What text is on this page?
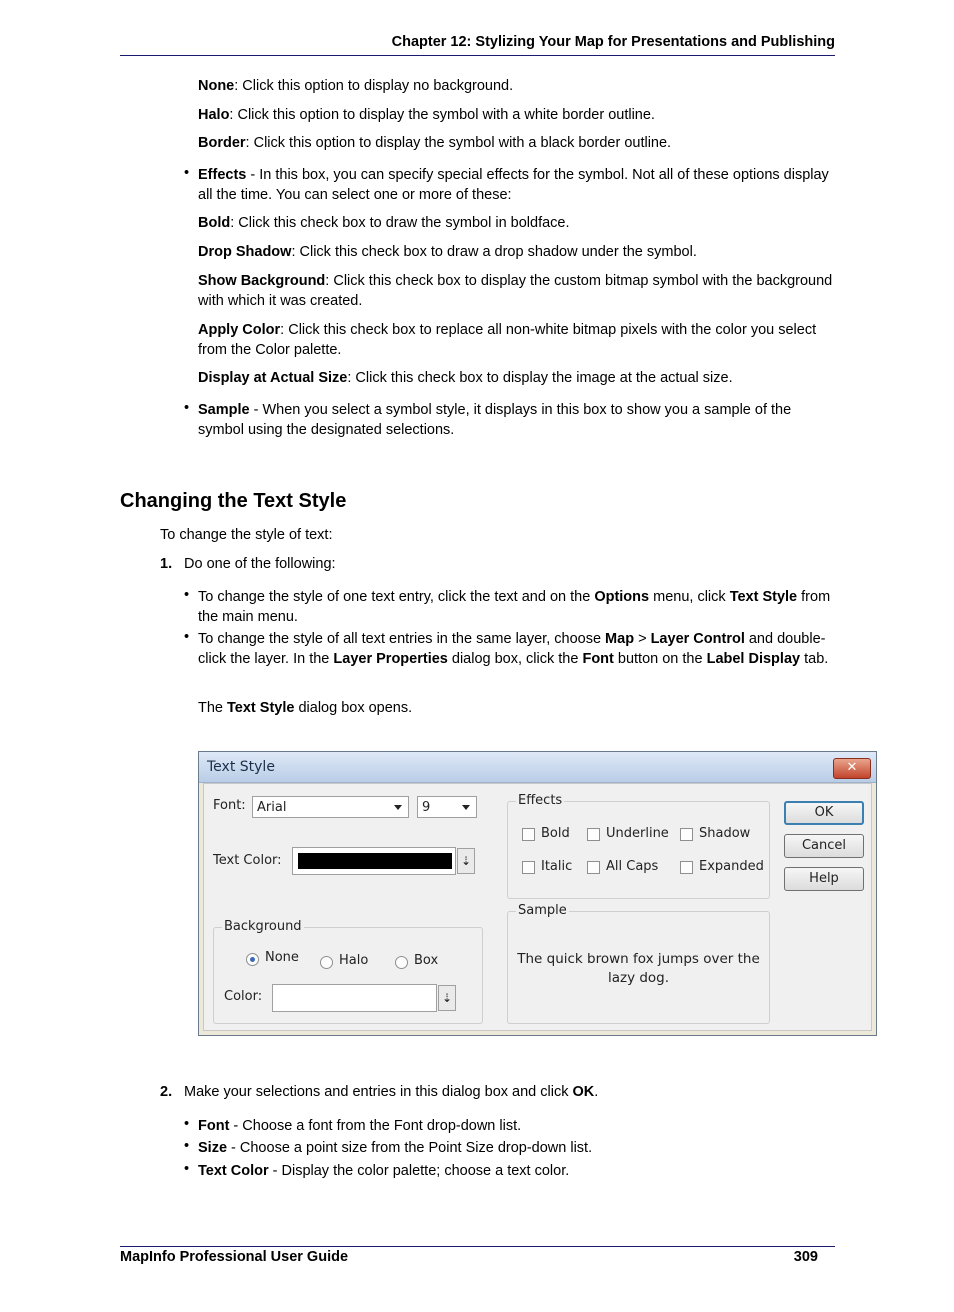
Chapter 12: Stylizing Your Map for Presentations and Publishing
None: Click this option to display no background.
Halo: Click this option to display the symbol with a white border outline.
Border: Click this option to display the symbol with a black border outline.
• Effects - In this box, you can specify special effects for the symbol. Not all of these options display all the time. You can select one or more of these:
Bold: Click this check box to draw the symbol in boldface.
Drop Shadow: Click this check box to draw a drop shadow under the symbol.
Show Background: Click this check box to display the custom bitmap symbol with the background with which it was created.
Apply Color: Click this check box to replace all non-white bitmap pixels with the color you select from the Color palette.
Display at Actual Size: Click this check box to display the image at the actual size.
• Sample - When you select a symbol style, it displays in this box to show you a sample of the symbol using the designated selections.
Changing the Text Style
To change the style of text:
1. Do one of the following:
• To change the style of one text entry, click the text and on the Options menu, click Text Style from the main menu.
• To change the style of all text entries in the same layer, choose Map > Layer Control and double-click the layer. In the Layer Properties dialog box, click the Font button on the Label Display tab.
The Text Style dialog box opens.
Text Style	✕
Font: Arial	9
Text Color:	⇣
Background
None	Halo	Box
Color:	⇣
Effects
Bold	Underline Shadow
Italic	All Caps	Expanded
Sample
The quick brown fox jumps over the lazy dog.
OK
Cancel
Help
2. Make your selections and entries in this dialog box and click OK.
• Font - Choose a font from the Font drop-down list.
• Size - Choose a point size from the Point Size drop-down list.
• Text Color - Display the color palette; choose a text color.
MapInfo Professional User Guide	309
